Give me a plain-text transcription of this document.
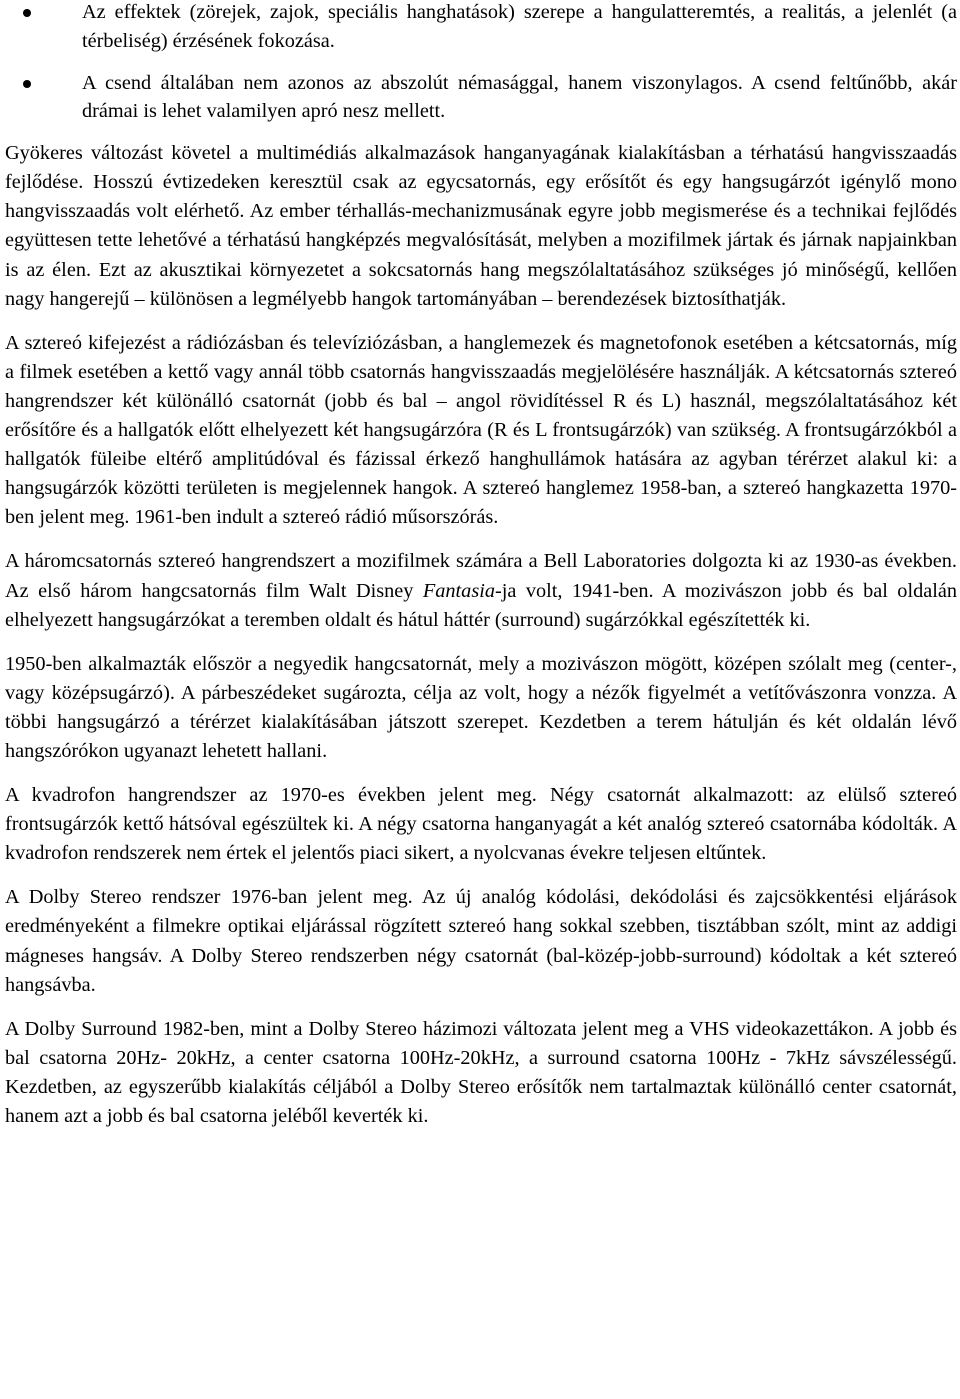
Az effektek (zörejek, zajok, speciális hanghatások) szerepe a hangulatteremtés, a realitás, a jelenlét (a térbeliség) érzésének fokozása.
A csend általában nem azonos az abszolút némasággal, hanem viszonylagos. A csend feltűnőbb, akár drámai is lehet valamilyen apró nesz mellett.

Gyökeres változást követel a multimédiás alkalmazások hanganyagának kialakításban a térhatású hangvisszaadás fejlődése. Hosszú évtizedeken keresztül csak az egycsatornás, egy erősítőt és egy hangsugárzót igénylő mono hangvisszaadás volt elérhető. Az ember térhallás-mechanizmusának egyre jobb megismerése és a technikai fejlődés együttesen tette lehetővé a térhatású hangképzés megvalósítását, melyben a mozifilmek jártak és járnak napjainkban is az élen. Ezt az akusztikai környezetet a sokcsatornás hang megszólaltatásához szükséges jó minőségű, kellően nagy hangerejű – különösen a legmélyebb hangok tartományában – berendezések biztosíthatják.

A sztereó kifejezést a rádiózásban és televíziózásban, a hanglemezek és magnetofonok esetében a kétcsatornás, míg a filmek esetében a kettő vagy annál több csatornás hangvisszaadás megjelölésére használják. A kétcsatornás sztereó hangrendszer két különálló csatornát (jobb és bal – angol rövidítéssel R és L) használ, megszólaltatásához két erősítőre és a hallgatók előtt elhelyezett két hangsugárzóra (R és L frontsugárzók) van szükség. A frontsugárzókból a hallgatók füleibe eltérő amplitúdóval és fázissal érkező hanghullámok hatására az agyban térérzet alakul ki: a hangsugárzók közötti területen is megjelennek hangok. A sztereó hanglemez 1958-ban, a sztereó hangkazetta 1970-ben jelent meg. 1961-ben indult a sztereó rádió műsorszórás.

A háromcsatornás sztereó hangrendszert a mozifilmek számára a Bell Laboratories dolgozta ki az 1930-as években. Az első három hangcsatornás film Walt Disney Fantasia-ja volt, 1941-ben. A mozivászon jobb és bal oldalán elhelyezett hangsugárzókat a teremben oldalt és hátul háttér (surround) sugárzókkal egészítették ki.

1950-ben alkalmazták először a negyedik hangcsatornát, mely a mozivászon mögött, középen szólalt meg (center-, vagy középsugárzó). A párbeszédeket sugározta, célja az volt, hogy a nézők figyelmét a vetítővászonra vonzza. A többi hangsugárzó a térérzet kialakításában játszott szerepet. Kezdetben a terem hátulján és két oldalán lévő hangszórókon ugyanazt lehetett hallani.

A kvadrofon hangrendszer az 1970-es években jelent meg. Négy csatornát alkalmazott: az elülső sztereó frontsugárzók kettő hátsóval egészültek ki. A négy csatorna hanganyagát a két analóg sztereó csatornába kódolták. A kvadrofon rendszerek nem értek el jelentős piaci sikert, a nyolcvanas évekre teljesen eltűntek.

A Dolby Stereo rendszer 1976-ban jelent meg. Az új analóg kódolási, dekódolási és zajcsökkentési eljárások eredményeként a filmekre optikai eljárással rögzített sztereó hang sokkal szebben, tisztábban szólt, mint az addigi mágneses hangsáv. A Dolby Stereo rendszerben négy csatornát (bal-közép-jobb-surround) kódoltak a két sztereó hangsávba.

A Dolby Surround 1982-ben, mint a Dolby Stereo házimozi változata jelent meg a VHS videokazettákon. A jobb és bal csatorna 20Hz- 20kHz, a center csatorna 100Hz-20kHz, a surround csatorna 100Hz - 7kHz sávszélességű. Kezdetben, az egyszerűbb kialakítás céljából a Dolby Stereo erősítők nem tartalmaztak különálló center csatornát, hanem azt a jobb és bal csatorna jeléből keverték ki.
